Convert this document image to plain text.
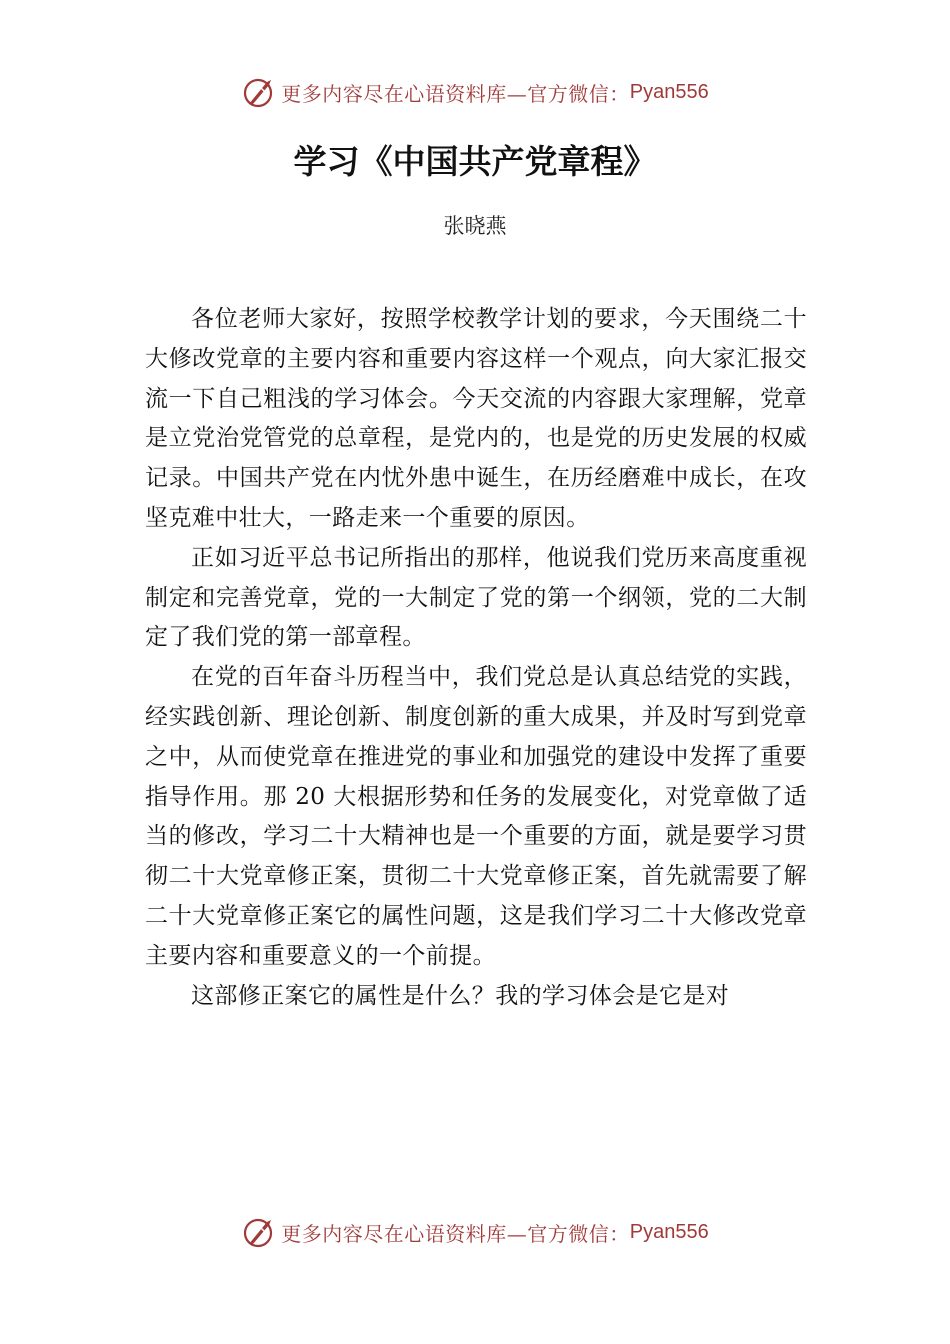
更多内容尽在心语资料库—官方微信： Pyan556
学习《中国共产党章程》
张晓燕

各位老师大家好，按照学校教学计划的要求，今天围绕二十大修改党章的主要内容和重要内容这样一个观点，向大家汇报交流一下自己粗浅的学习体会。今天交流的内容跟大家理解，党章是立党治党管党的总章程，是党内的，也是党的历史发展的权威记录。中国共产党在内忧外患中诞生，在历经磨难中成长，在攻坚克难中壮大，一路走来一个重要的原因。

正如习近平总书记所指出的那样，他说我们党历来高度重视制定和完善党章，党的一大制定了党的第一个纲领，党的二大制定了我们党的第一部章程。

在党的百年奋斗历程当中，我们党总是认真总结党的实践，经实践创新、理论创新、制度创新的重大成果，并及时写到党章之中，从而使党章在推进党的事业和加强党的建设中发挥了重要指导作用。那 20 大根据形势和任务的发展变化，对党章做了适当的修改，学习二十大精神也是一个重要的方面，就是要学习贯彻二十大党章修正案，贯彻二十大党章修正案，首先就需要了解二十大党章修正案它的属性问题，这是我们学习二十大修改党章主要内容和重要意义的一个前提。

这部修正案它的属性是什么？我的学习体会是它是对

更多内容尽在心语资料库—官方微信： Pyan556
